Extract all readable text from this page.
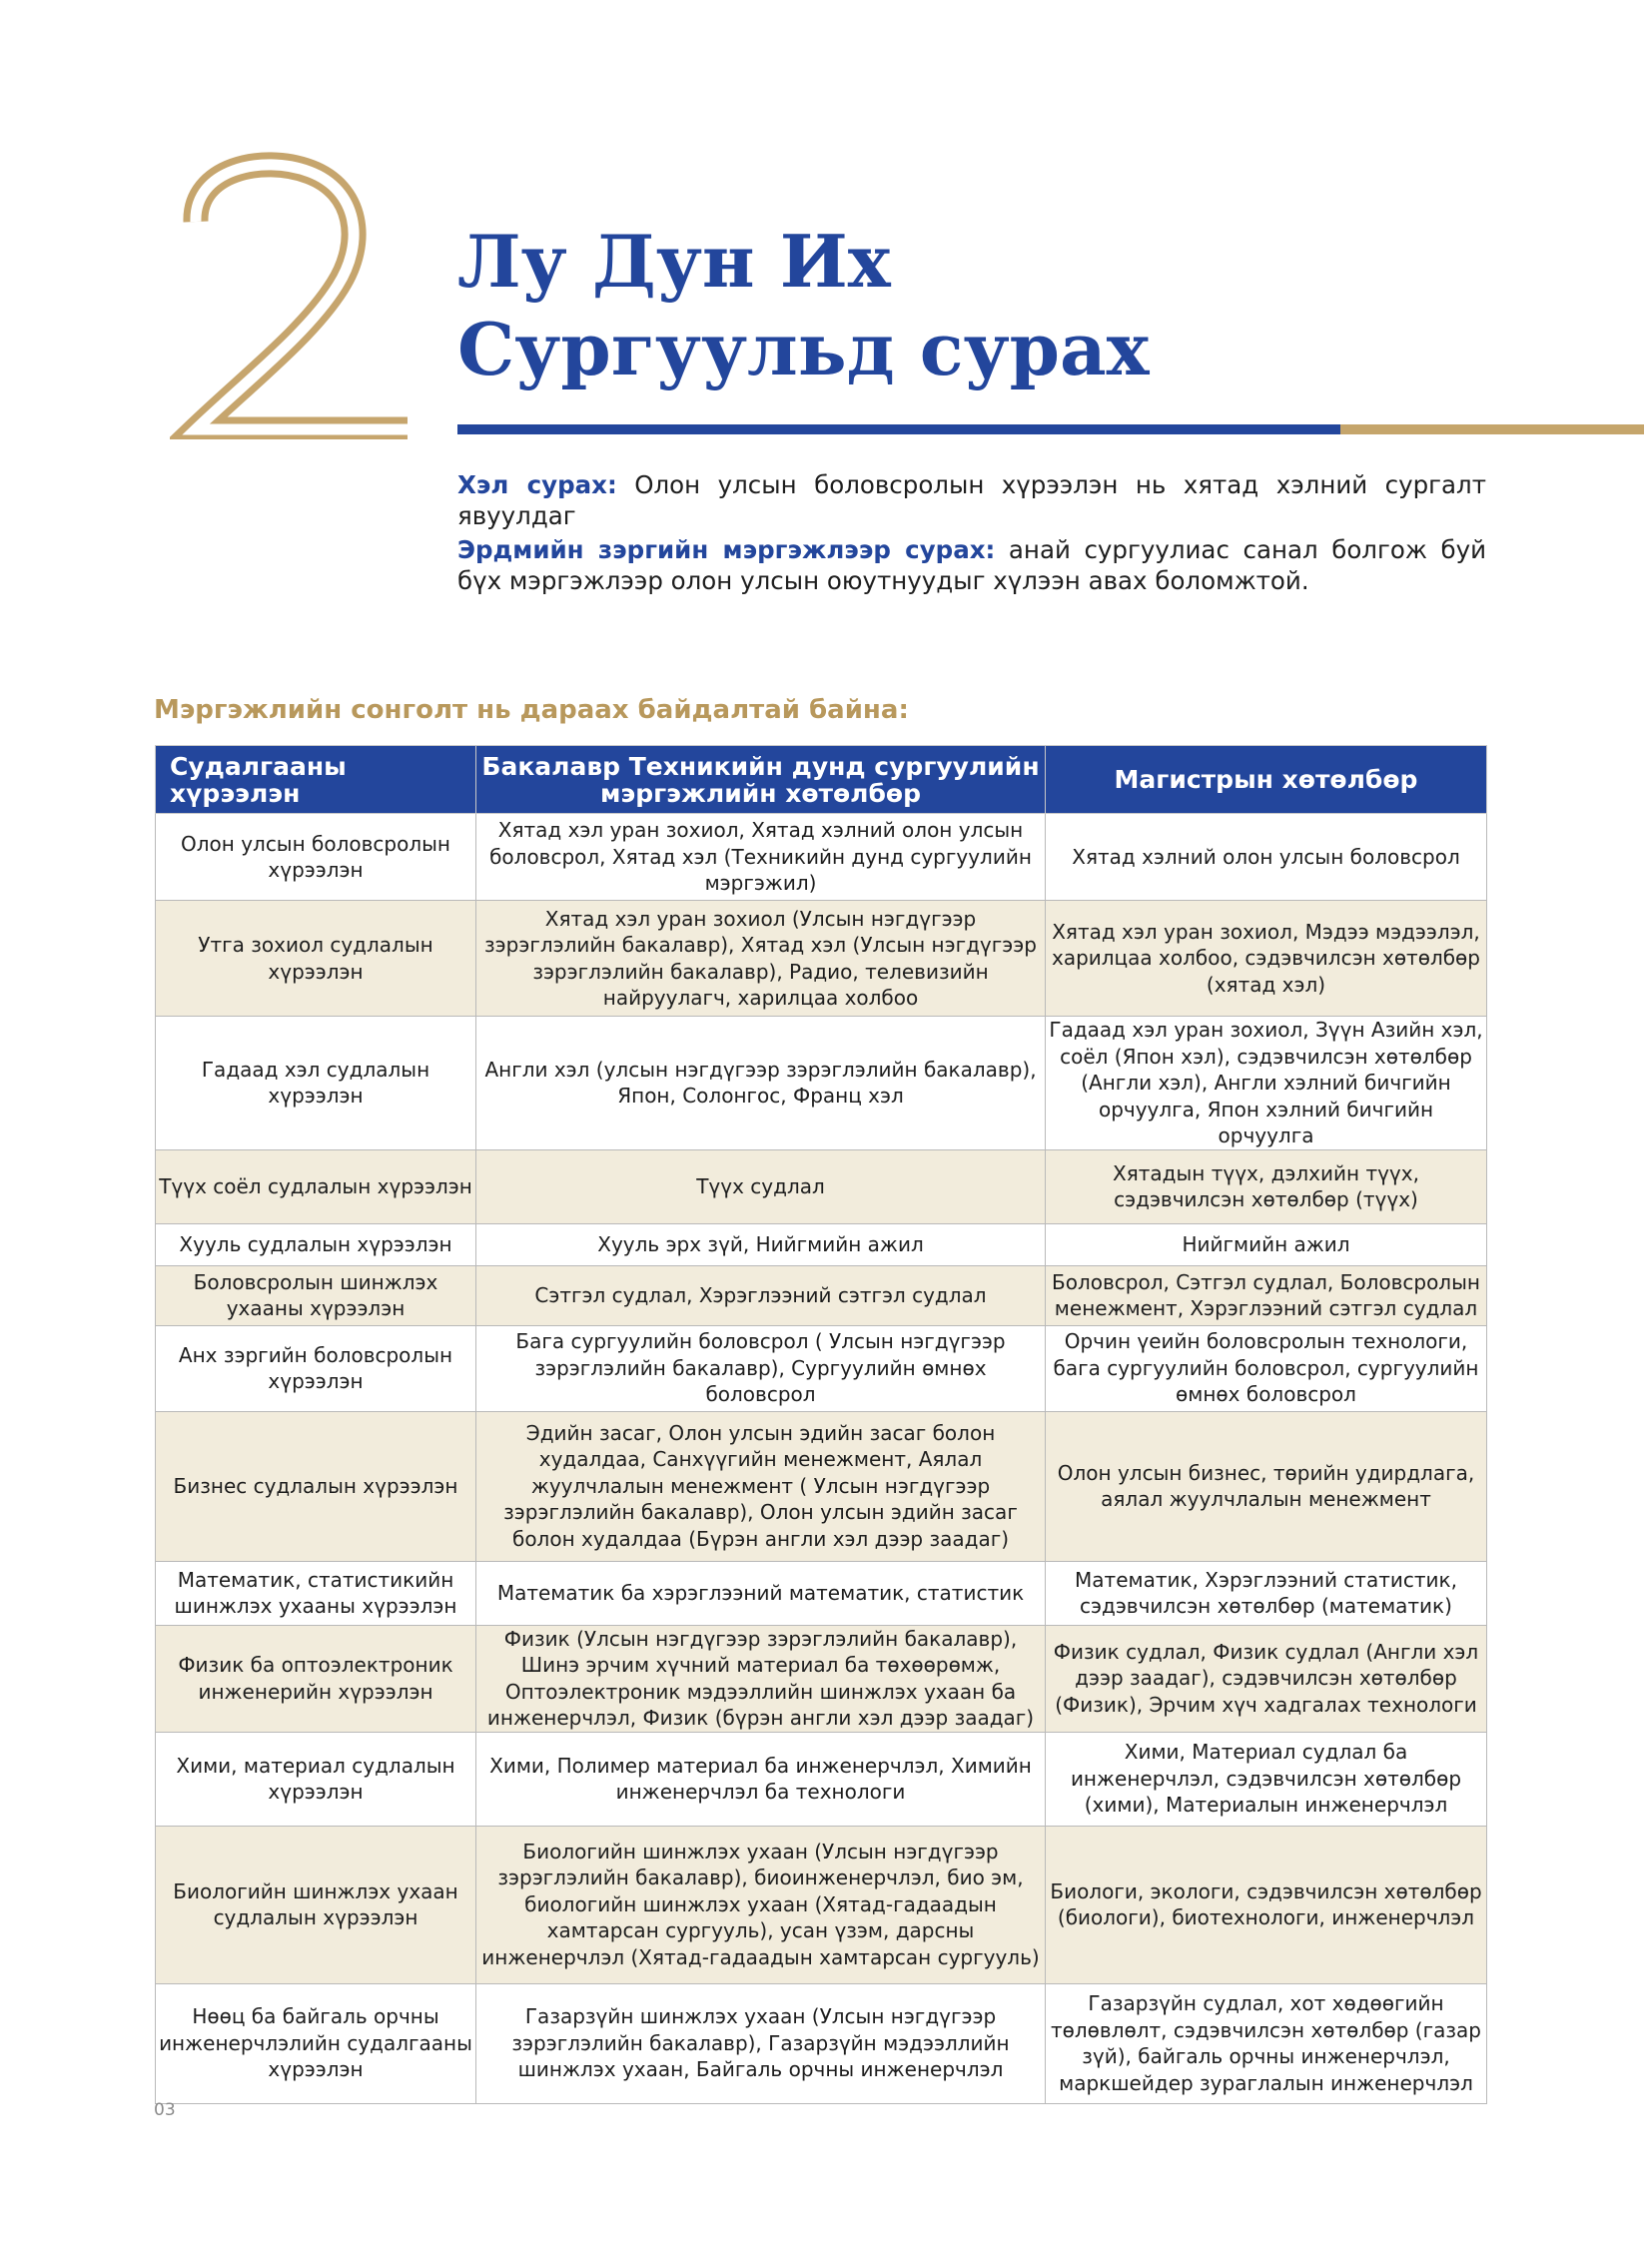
2
Лу Дун Их
Сургуульд сурах

Хэл сурах: Олон улсын боловсролын хүрээлэн нь хятад хэлний сургалт явуулдаг

Эрдмийн зэргийн мэргэжлээр сурах: анай сургуулиас санал болгож буй бүх мэргэжлээр олон улсын оюутнуудыг хүлээн авах боломжтой.

Мэргэжлийн сонголт нь дараах байдалтай байна:
Судалгааны хүрээлэн	Бакалавр Техникийн дунд сургуулийн мэргэжлийн хөтөлбөр	Магистрын хөтөлбөр
Олон улсын боловсролын хүрээлэн	Хятад хэл уран зохиол, Хятад хэлний олон улсын боловсрол, Хятад хэл (Техникийн дунд сургуулийн мэргэжил)	Хятад хэлний олон улсын боловсрол
Утга зохиол судлалын хүрээлэн	Хятад хэл уран зохиол (Улсын нэгдүгээр зэрэглэлийн бакалавр), Хятад хэл (Улсын нэгдүгээр зэрэглэлийн бакалавр), Радио, телевизийн найруулагч, харилцаа холбоо	Хятад хэл уран зохиол, Мэдээ мэдээлэл, харилцаа холбоо, сэдэвчилсэн хөтөлбөр (хятад хэл)
Гадаад хэл судлалын хүрээлэн	Англи хэл (улсын нэгдүгээр зэрэглэлийн бакалавр), Япон, Солонгос, Франц хэл	Гадаад хэл уран зохиол, Зүүн Азийн хэл, соёл (Япон хэл), сэдэвчилсэн хөтөлбөр (Англи хэл), Англи хэлний бичгийн орчуулга, Япон хэлний бичгийн орчуулга
Түүх соёл судлалын хүрээлэн	Түүх судлал	Хятадын түүх, дэлхийн түүх, сэдэвчилсэн хөтөлбөр (түүх)
Хууль судлалын хүрээлэн	Хууль эрх зүй, Нийгмийн ажил	Нийгмийн ажил
Боловсролын шинжлэх ухааны хүрээлэн	Сэтгэл судлал, Хэрэглээний сэтгэл судлал	Боловсрол, Сэтгэл судлал, Боловсролын менежмент, Хэрэглээний сэтгэл судлал
Анх зэргийн боловсролын хүрээлэн	Бага сургуулийн боловсрол ( Улсын нэгдүгээр зэрэглэлийн бакалавр), Сургуулийн өмнөх боловсрол	Орчин үеийн боловсролын технологи, бага сургуулийн боловсрол, сургуулийн өмнөх боловсрол
Бизнес судлалын хүрээлэн	Эдийн засаг, Олон улсын эдийн засаг болон худалдаа, Санхүүгийн менежмент, Аялал жуулчлалын менежмент ( Улсын нэгдүгээр зэрэглэлийн бакалавр), Олон улсын эдийн засаг болон худалдаа (Бүрэн англи хэл дээр заадаг)	Олон улсын бизнес, төрийн удирдлага, аялал жуулчлалын менежмент
Математик, статистикийн шинжлэх ухааны хүрээлэн	Математик ба хэрэглээний математик, статистик	Математик, Хэрэглээний статистик, сэдэвчилсэн хөтөлбөр (математик)
Физик ба оптоэлектроник инженерийн хүрээлэн	Физик (Улсын нэгдүгээр зэрэглэлийн бакалавр), Шинэ эрчим хүчний материал ба төхөөрөмж, Оптоэлектроник мэдээллийн шинжлэх ухаан ба инженерчлэл, Физик (бүрэн англи хэл дээр заадаг)	Физик судлал, Физик судлал (Англи хэл дээр заадаг), сэдэвчилсэн хөтөлбөр (Физик), Эрчим хүч хадгалах технологи
Хими, материал судлалын хүрээлэн	Хими, Полимер материал ба инженерчлэл, Химийн инженерчлэл ба технологи	Хими, Материал судлал ба инженерчлэл, сэдэвчилсэн хөтөлбөр (хими), Материалын инженерчлэл
Биологийн шинжлэх ухаан судлалын хүрээлэн	Биологийн шинжлэх ухаан (Улсын нэгдүгээр зэрэглэлийн бакалавр), биоинженерчлэл, био эм, биологийн шинжлэх ухаан (Хятад-гадаадын хамтарсан сургууль), усан үзэм, дарсны инженерчлэл (Хятад-гадаадын хамтарсан сургууль)	Биологи, экологи, сэдэвчилсэн хөтөлбөр (биологи), биотехнологи, инженерчлэл
Нөөц ба байгаль орчны инженерчлэлийн судалгааны хүрээлэн	Газарзүйн шинжлэх ухаан (Улсын нэгдүгээр зэрэглэлийн бакалавр), Газарзүйн мэдээллийн шинжлэх ухаан, Байгаль орчны инженерчлэл	Газарзүйн судлал, хот хөдөөгийн төлөвлөлт, сэдэвчилсэн хөтөлбөр (газар зүй), байгаль орчны инженерчлэл, маркшейдер зураглалын инженерчлэл

03
